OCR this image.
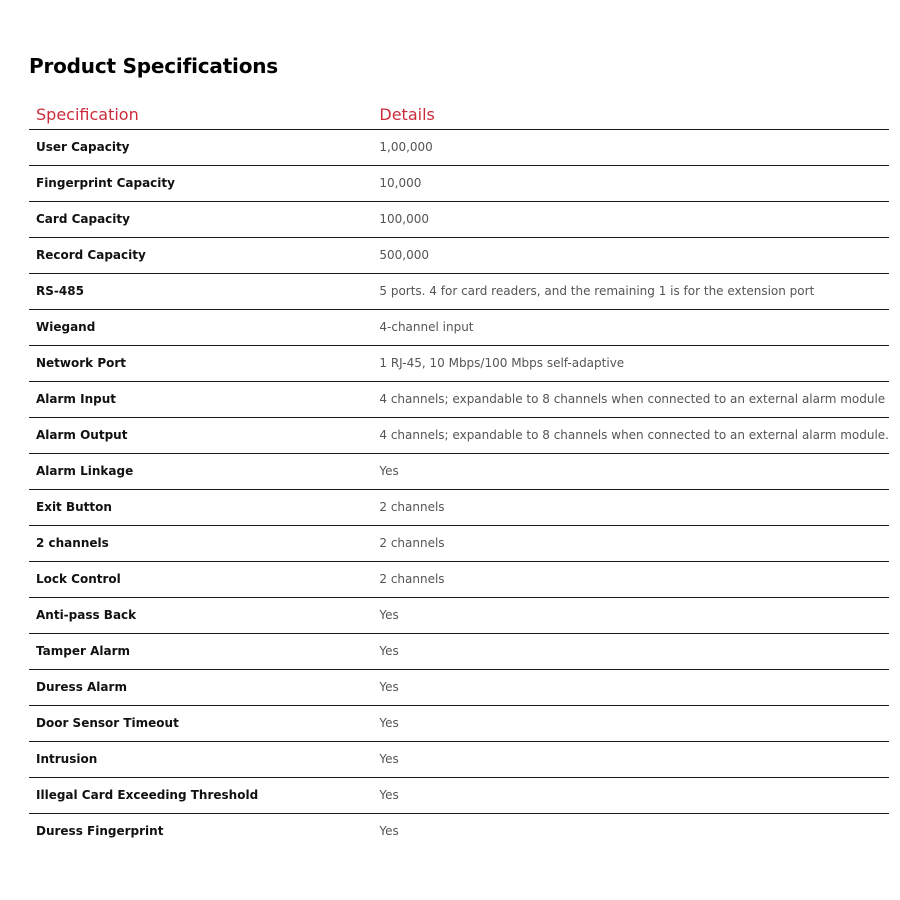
Product Specifications
Specification	Details
User Capacity	1,00,000
Fingerprint Capacity	10,000
Card Capacity	100,000
Record Capacity	500,000
RS-485	5 ports. 4 for card readers, and the remaining 1 is for the extension port
Wiegand	4-channel input
Network Port	1 RJ-45, 10 Mbps/100 Mbps self-adaptive
Alarm Input	4 channels; expandable to 8 channels when connected to an external alarm module
Alarm Output	4 channels; expandable to 8 channels when connected to an external alarm module.
Alarm Linkage	Yes
Exit Button	2 channels
2 channels	2 channels
Lock Control	2 channels
Anti-pass Back	Yes
Tamper Alarm	Yes
Duress Alarm	Yes
Door Sensor Timeout	Yes
Intrusion	Yes
Illegal Card Exceeding Threshold	Yes
Duress Fingerprint	Yes
